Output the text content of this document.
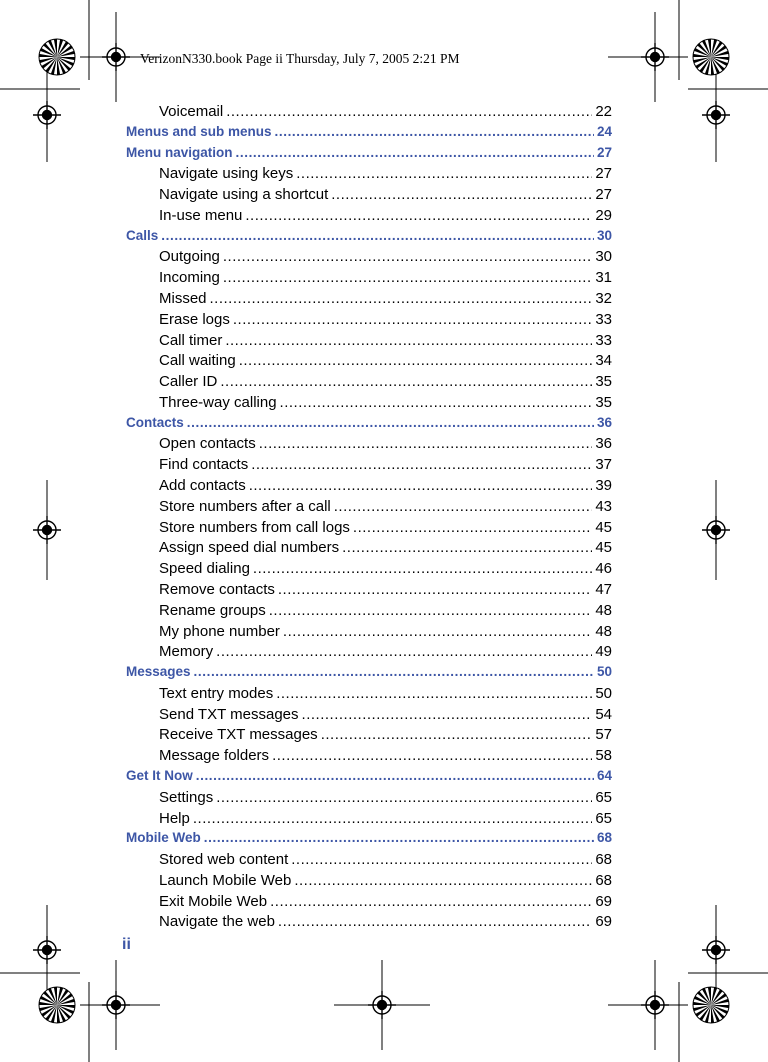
VerizonN330.book Page ii Thursday, July 7, 2005 2:21 PM
Voicemail .....	22
Menus and sub menus .....	24
Menu navigation .....	27
Navigate using keys .....	27
Navigate using a shortcut .....	27
In-use menu .....	29
Calls .....	30
Outgoing .....	30
Incoming .....	31
Missed .....	32
Erase logs .....	33
Call timer .....	33
Call waiting .....	34
Caller ID .....	35
Three-way calling .....	35
Contacts .....	36
Open contacts .....	36
Find contacts .....	37
Add contacts .....	39
Store numbers after a call .....	43
Store numbers from call logs .....	45
Assign speed dial numbers .....	45
Speed dialing .....	46
Remove contacts .....	47
Rename groups .....	48
My phone number .....	48
Memory .....	49
Messages .....	50
Text entry modes .....	50
Send TXT messages .....	54
Receive TXT messages .....	57
Message folders .....	58
Get It Now .....	64
Settings .....	65
Help .....	65
Mobile Web .....	68
Stored web content .....	68
Launch Mobile Web .....	68
Exit Mobile Web .....	69
Navigate the web .....	69
ii
